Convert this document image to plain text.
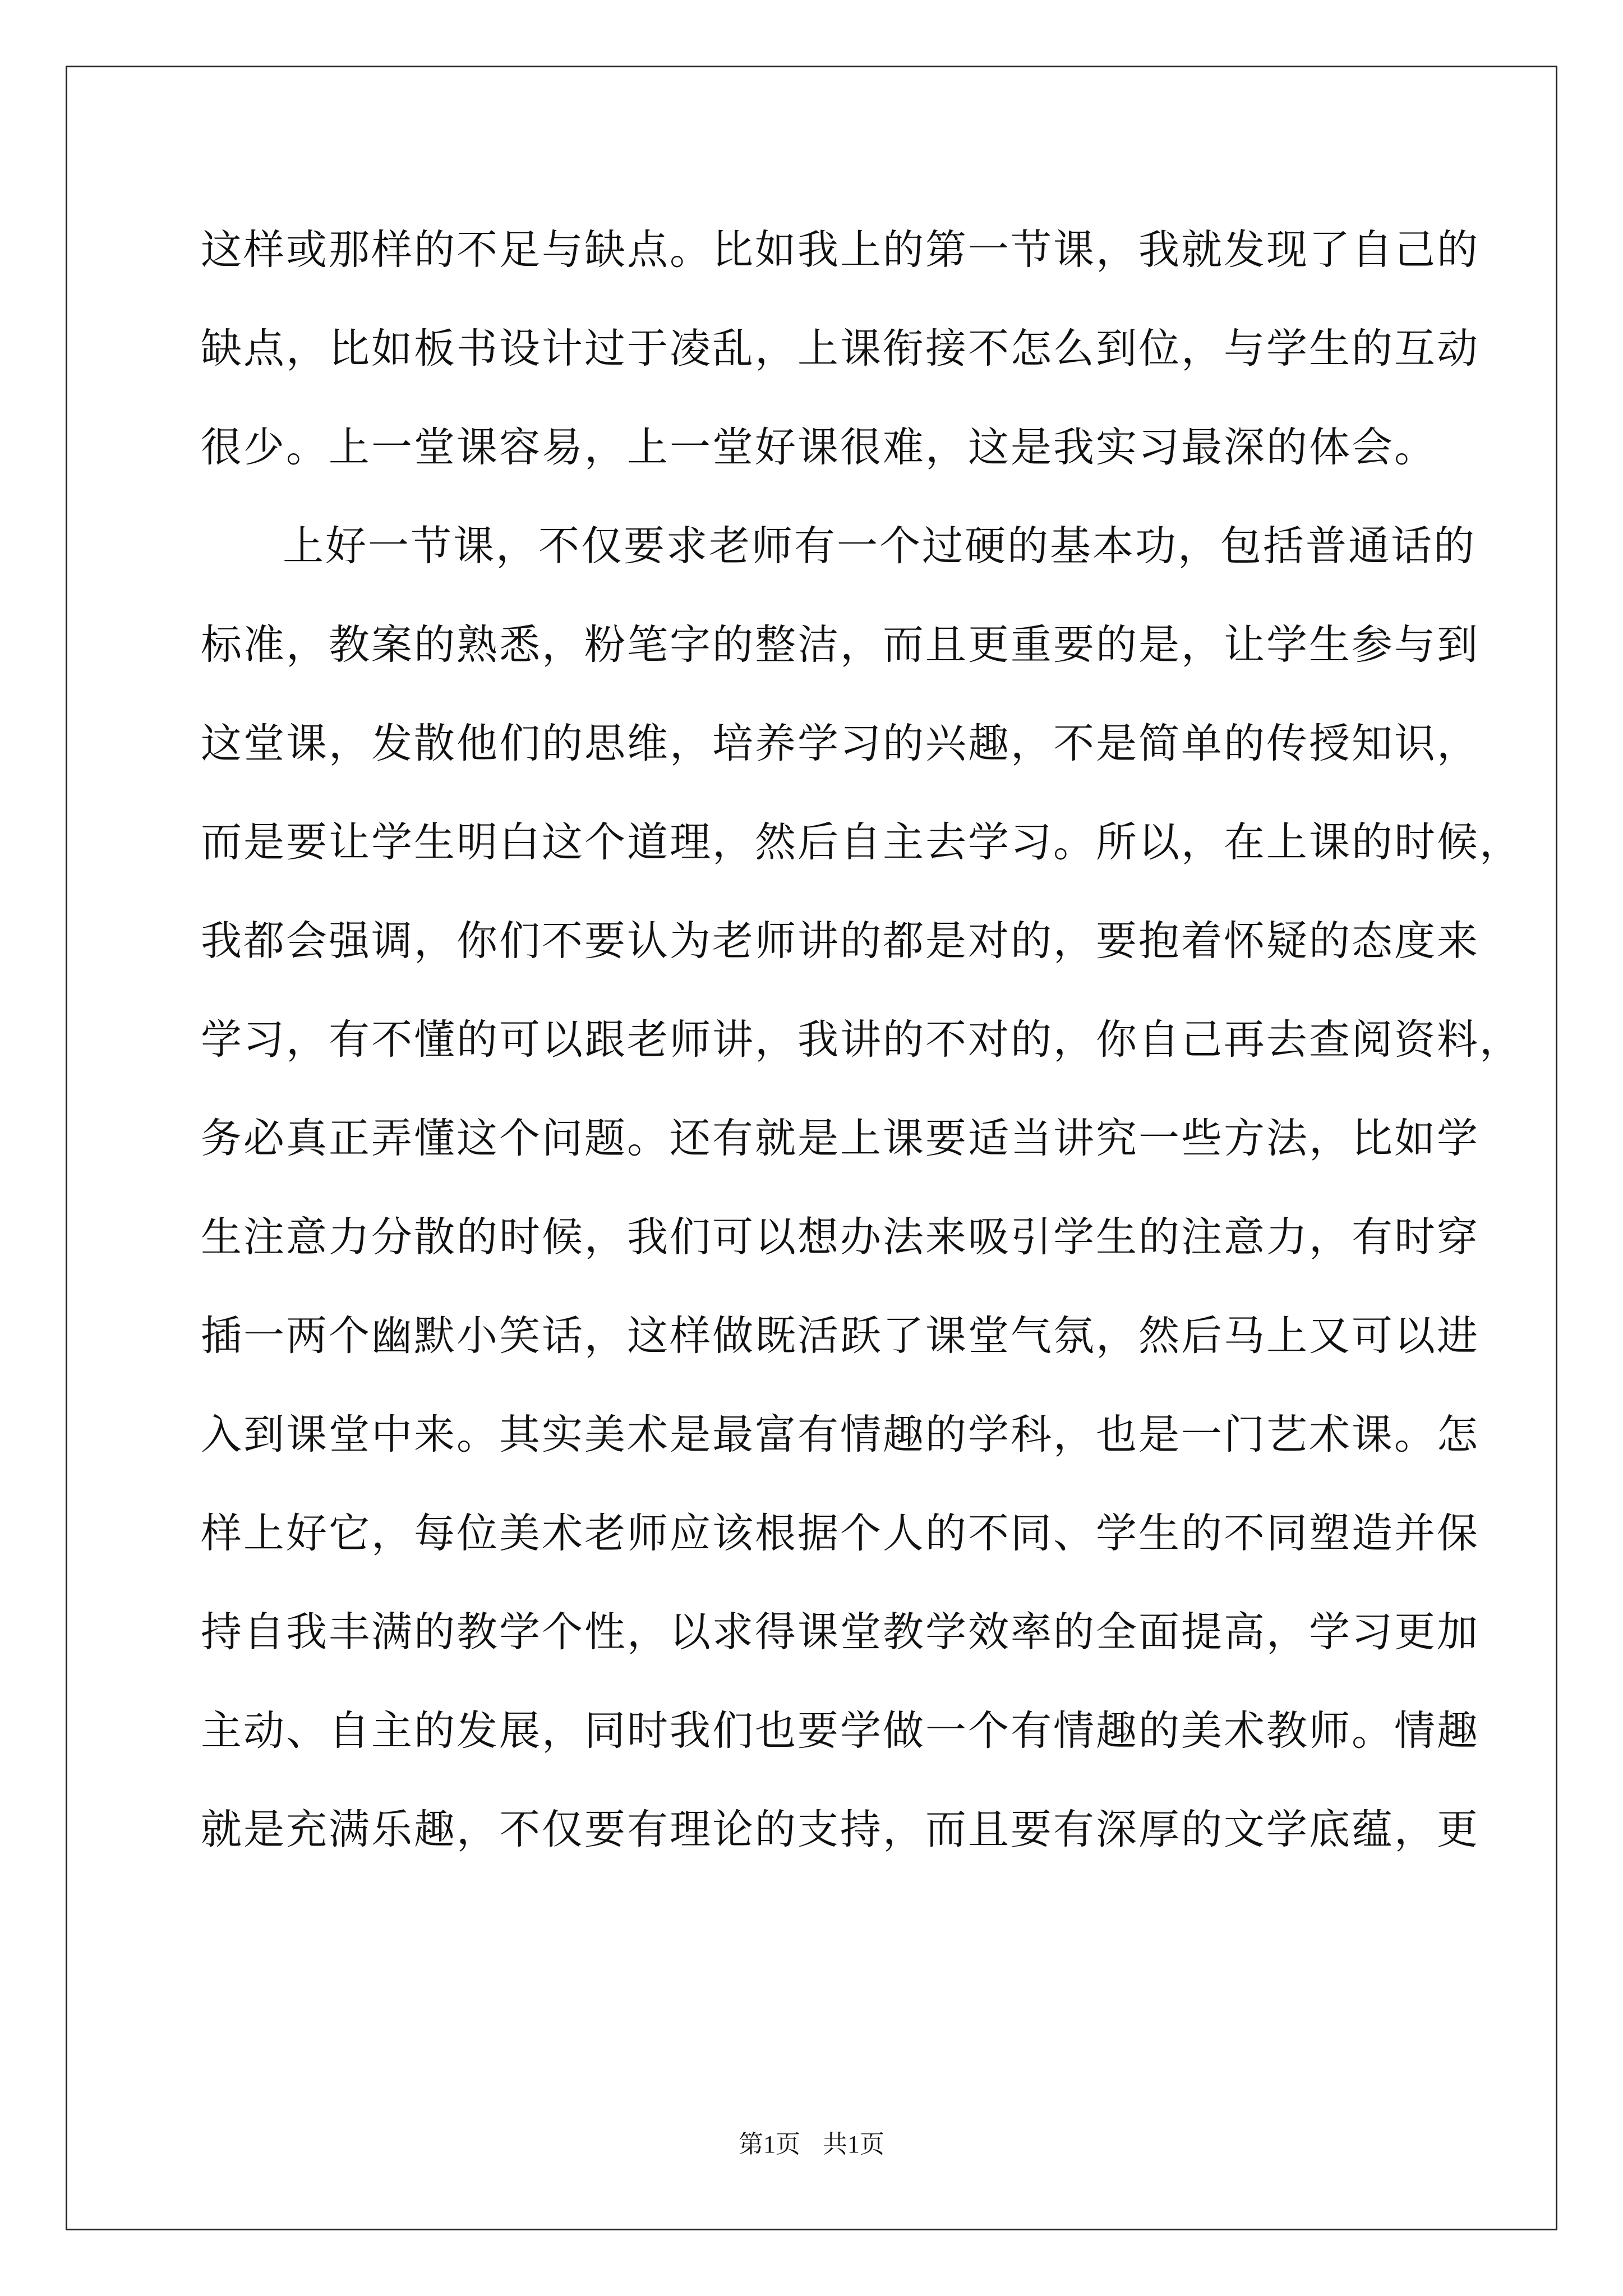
这样或那样的不足与缺点。比如我上的第一节课，我就发现了自己的
缺点，比如板书设计过于凌乱，上课衔接不怎么到位，与学生的互动
很少。上一堂课容易，上一堂好课很难，这是我实习最深的体会。
上好一节课，不仅要求老师有一个过硬的基本功，包括普通话的
标准，教案的熟悉，粉笔字的整洁，而且更重要的是，让学生参与到
这堂课，发散他们的思维，培养学习的兴趣，不是简单的传授知识，
而是要让学生明白这个道理，然后自主去学习。所以，在上课的时候，
我都会强调，你们不要认为老师讲的都是对的，要抱着怀疑的态度来
学习，有不懂的可以跟老师讲，我讲的不对的，你自己再去查阅资料，
务必真正弄懂这个问题。还有就是上课要适当讲究一些方法，比如学
生注意力分散的时候，我们可以想办法来吸引学生的注意力，有时穿
插一两个幽默小笑话，这样做既活跃了课堂气氛，然后马上又可以进
入到课堂中来。其实美术是最富有情趣的学科，也是一门艺术课。怎
样上好它，每位美术老师应该根据个人的不同、学生的不同塑造并保
持自我丰满的教学个性，以求得课堂教学效率的全面提高，学习更加
主动、自主的发展，同时我们也要学做一个有情趣的美术教师。情趣
就是充满乐趣，不仅要有理论的支持，而且要有深厚的文学底蕴，更
第1页 共1页
